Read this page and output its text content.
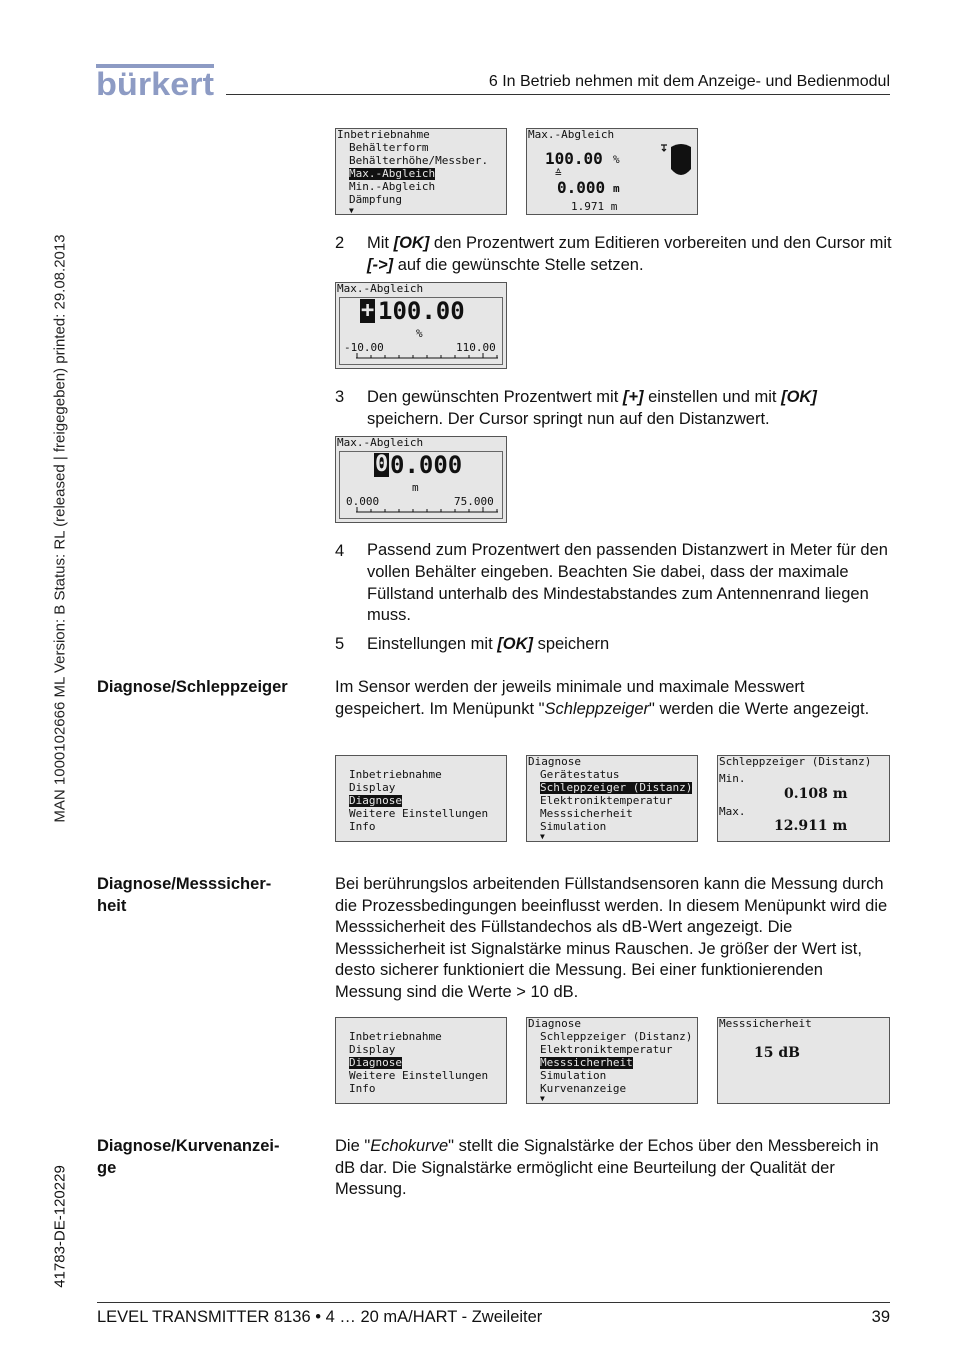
bürkert	6 In Betrieb nehmen mit dem Anzeige- und Bedienmodul
MAN 1000102666 ML Version: B Status: RL (released | freigegeben) printed: 29.08.2013
41783-DE-120229
Inbetriebnahme
Behälterform
Behälterhöhe/Messber.
Max.-Abgleich
Min.-Abgleich
Dämpfung
▼
Max.-Abgleich
100.00 %
≙
0.000 m
1.971 m
2 Mit [OK] den Prozentwert zum Editieren vorbereiten und den Cursor mit [->] auf die gewünschte Stelle setzen.
Max.-Abgleich
+ 100.00
%
-10.00	110.00
3 Den gewünschten Prozentwert mit [+] einstellen und mit [OK] speichern. Der Cursor springt nun auf den Distanzwert.
Max.-Abgleich
0 0.000
m
0.000	75.000
4 Passend zum Prozentwert den passenden Distanzwert in Meter für den vollen Behälter eingeben. Beachten Sie dabei, dass der maximale Füllstand unterhalb des Mindestabstandes zum Antennenrand liegen muss.
5 Einstellungen mit [OK] speichern
Diagnose/Schleppzeiger	Im Sensor werden der jeweils minimale und maximale Messwert gespeichert. Im Menüpunkt "Schleppzeiger" werden die Werte angezeigt.
Inbetriebnahme
Display
Diagnose
Weitere Einstellungen
Info
Diagnose
Gerätestatus
Schleppzeiger (Distanz)
Elektroniktemperatur
Messsicherheit
Simulation
▼
Schleppzeiger (Distanz)
Min.
0.108 m
Max.
12.911 m
Diagnose/Messsicher-
heit
Bei berührungslos arbeitenden Füllstandsensoren kann die Messung durch die Prozessbedingungen beeinflusst werden. In diesem Menüpunkt wird die Messsicherheit des Füllstandechos als dB-Wert angezeigt. Die Messsicherheit ist Signalstärke minus Rauschen. Je größer der Wert ist, desto sicherer funktioniert die Messung. Bei einer funktionierenden Messung sind die Werte > 10 dB.
Inbetriebnahme
Display
Diagnose
Weitere Einstellungen
Info
Diagnose
Schleppzeiger (Distanz)
Elektroniktemperatur
Messsicherheit
Simulation
Kurvenanzeige
▼
Messsicherheit
15 dB
Diagnose/Kurvenanzei-
ge
Die "Echokurve" stellt die Signalstärke der Echos über den Messbereich in dB dar. Die Signalstärke ermöglicht eine Beurteilung der Qualität der Messung.
LEVEL TRANSMITTER 8136 • 4 … 20 mA/HART - Zweileiter	39
